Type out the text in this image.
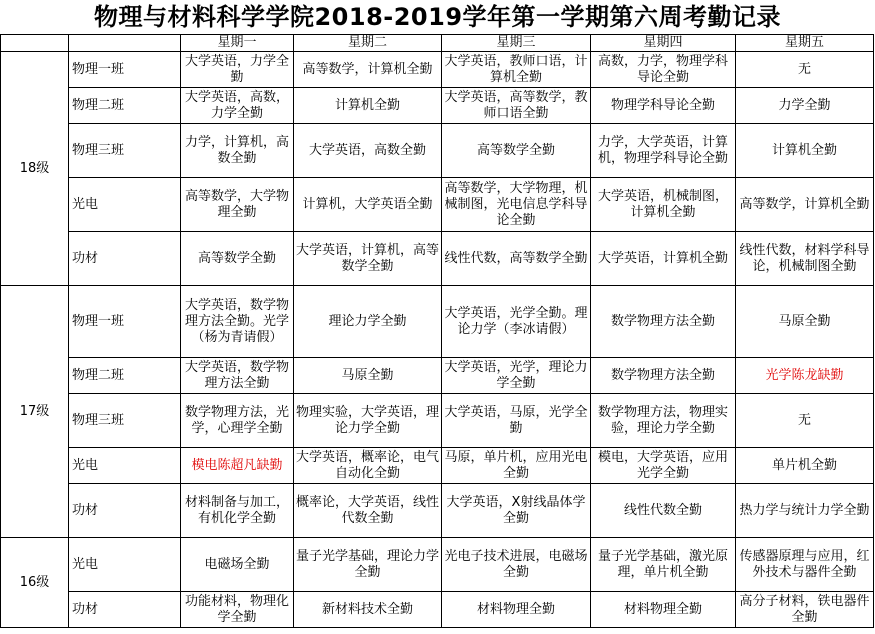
物理与材料科学学院2018-2019学年第一学期第六周考勤记录
		星期一	星期二	星期三	星期四	星期五
18级	物理一班	大学英语，力学全勤	高等数学，计算机全勤	大学英语，教师口语，计算机全勤	高数，力学，物理学科导论全勤	无
	物理二班	大学英语，高数，力学全勤	计算机全勤	大学英语，高等数学，教师口语全勤	物理学科导论全勤	力学全勤
	物理三班	力学，计算机，高数全勤	大学英语，高数全勤	高等数学全勤	力学，大学英语，计算机，物理学科导论全勤	计算机全勤
	光电	高等数学，大学物理全勤	计算机，大学英语全勤	高等数学，大学物理，机械制图，光电信息学科导论全勤	大学英语，机械制图，计算机全勤	高等数学，计算机全勤
	功材	高等数学全勤	大学英语，计算机，高等数学全勤	线性代数，高等数学全勤	大学英语，计算机全勤	线性代数，材料学科导论，机械制图全勤
17级	物理一班	大学英语，数学物理方法全勤。光学（杨为青请假）	理论力学全勤	大学英语，光学全勤。理论力学（李冰请假）	数学物理方法全勤	马原全勤
	物理二班	大学英语，数学物理方法全勤	马原全勤	大学英语，光学，理论力学全勤	数学物理方法全勤	光学陈龙缺勤
	物理三班	数学物理方法，光学，心理学全勤	物理实验，大学英语，理论力学全勤	大学英语，马原，光学全勤	数学物理方法，物理实验，理论力学全勤	无
	光电	模电陈超凡缺勤	大学英语，概率论，电气自动化全勤	马原，单片机，应用光电全勤	模电，大学英语，应用光学全勤	单片机全勤
	功材	材料制备与加工，有机化学全勤	概率论，大学英语，线性代数全勤	大学英语，X射线晶体学全勤	线性代数全勤	热力学与统计力学全勤
16级	光电	电磁场全勤	量子光学基础，理论力学全勤	光电子技术进展，电磁场全勤	量子光学基础，激光原理，单片机全勤	传感器原理与应用，红外技术与器件全勤
	功材	功能材料，物理化学全勤	新材料技术全勤	材料物理全勤	材料物理全勤	高分子材料，铁电器件全勤
